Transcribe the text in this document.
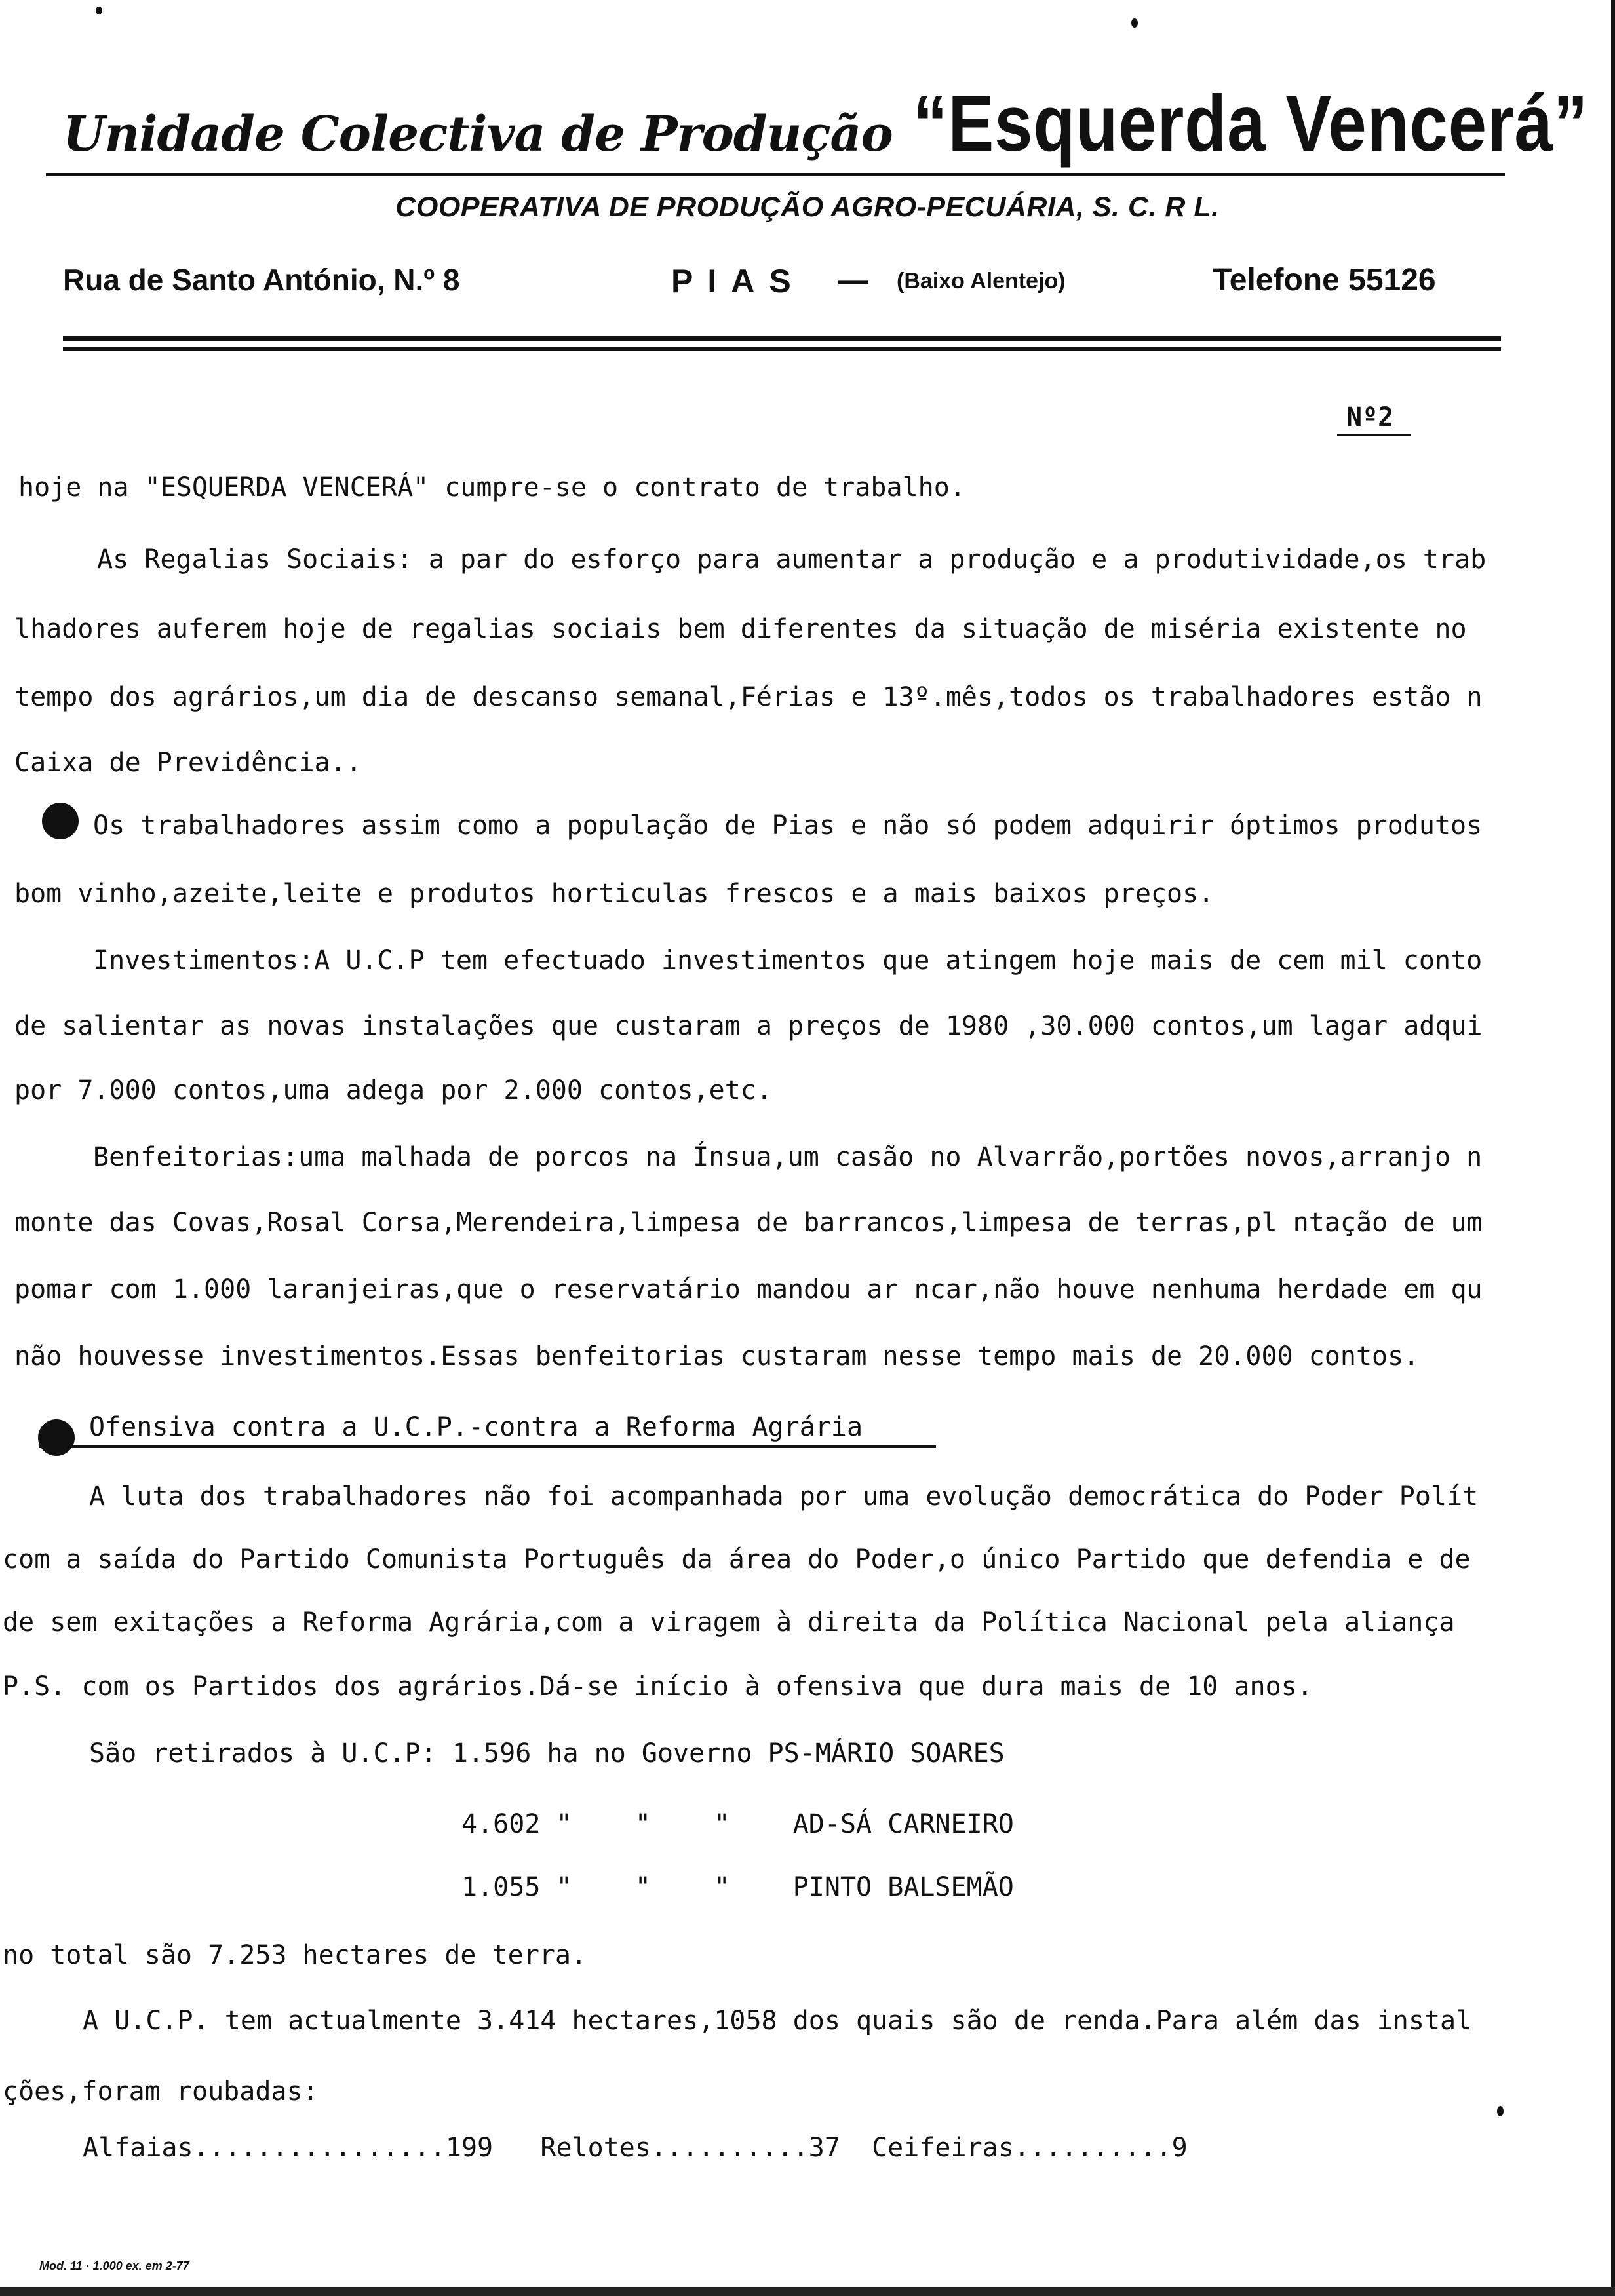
Unidade Colectiva de Produção “Esquerda Vencerá”
COOPERATIVA DE PRODUÇÃO AGRO-PECUÁRIA, S. C. R L.
Rua de Santo António, N.º 8	PIAS — (Baixo Alentejo)	Telefone 55126
Nº2
hoje na "ESQUERDA VENCERÁ" cumpre-se o contrato de trabalho.
As Regalias Sociais: a par do esforço para aumentar a produção e a produtividade,os trab
lhadores auferem hoje de regalias sociais bem diferentes da situação de miséria existente no
tempo dos agrários,um dia de descanso semanal,Férias e 13º.mês,todos os trabalhadores estão n
Caixa de Previdência..
Os trabalhadores assim como a população de Pias e não só podem adquirir óptimos produtos
bom vinho,azeite,leite e produtos horticulas frescos e a mais baixos preços.
Investimentos:A U.C.P tem efectuado investimentos que atingem hoje mais de cem mil conto
de salientar as novas instalações que custaram a preços de 1980 ,30.000 contos,um lagar adqui
por 7.000 contos,uma adega por 2.000 contos,etc.
Benfeitorias:uma malhada de porcos na Ínsua,um casão no Alvarrão,portões novos,arranjo n
monte das Covas,Rosal Corsa,Merendeira,limpesa de barrancos,limpesa de terras,pl ntação de um
pomar com 1.000 laranjeiras,que o reservatário mandou ar ncar,não houve nenhuma herdade em qu
não houvesse investimentos.Essas benfeitorias custaram nesse tempo mais de 20.000 contos.
Ofensiva contra a U.C.P.-contra a Reforma Agrária
A luta dos trabalhadores não foi acompanhada por uma evolução democrática do Poder Polít
com a saída do Partido Comunista Português da área do Poder,o único Partido que defendia e de
de sem exitações a Reforma Agrária,com a viragem à direita da Política Nacional pela aliança
P.S. com os Partidos dos agrários.Dá-se início à ofensiva que dura mais de 10 anos.
São retirados à U.C.P: 1.596 ha no Governo PS-MÁRIO SOARES
4.602 "    "    "    AD-SÁ CARNEIRO
1.055 "    "    "    PINTO BALSEMÃO
no total são 7.253 hectares de terra.
A U.C.P. tem actualmente 3.414 hectares,1058 dos quais são de renda.Para além das instal
ções,foram roubadas:
Alfaias................199   Relotes..........37  Ceifeiras..........9
Mod. 11 · 1.000 ex. em 2-77
